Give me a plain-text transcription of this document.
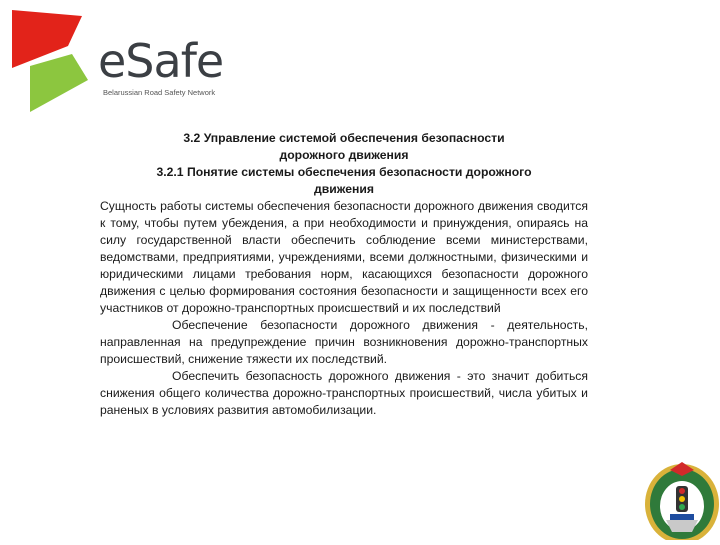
eSafe
Belarussian Road Safety Network
3.2 Управление системой обеспечения безопасности
дорожного движения
3.2.1 Понятие системы обеспечения безопасности дорожного
движения
Сущность работы системы обеспечения безопасности дорожного движения сводится к тому, чтобы путем убеждения, а при необходимости и принуждения, опираясь на силу государственной власти обеспечить соблюдение всеми министерствами, ведомствами, предприятиями, учреждениями, всеми должностными, физическими и юридическими лицами требования норм, касающихся безопасности дорожного движения с целью формирования состояния безопасности и защищенности всех его участников от дорожно-транспортных происшествий и их последствий
Обеспечение безопасности дорожного движения - деятельность, направленная на предупреждение причин возникновения дорожно-транспортных происшествий, снижение тяжести их последствий.
Обеспечить безопасность дорожного движения - это значит добиться снижения общего количества дорожно-транспортных происшествий, числа убитых и раненых в условиях развития автомобилизации.
